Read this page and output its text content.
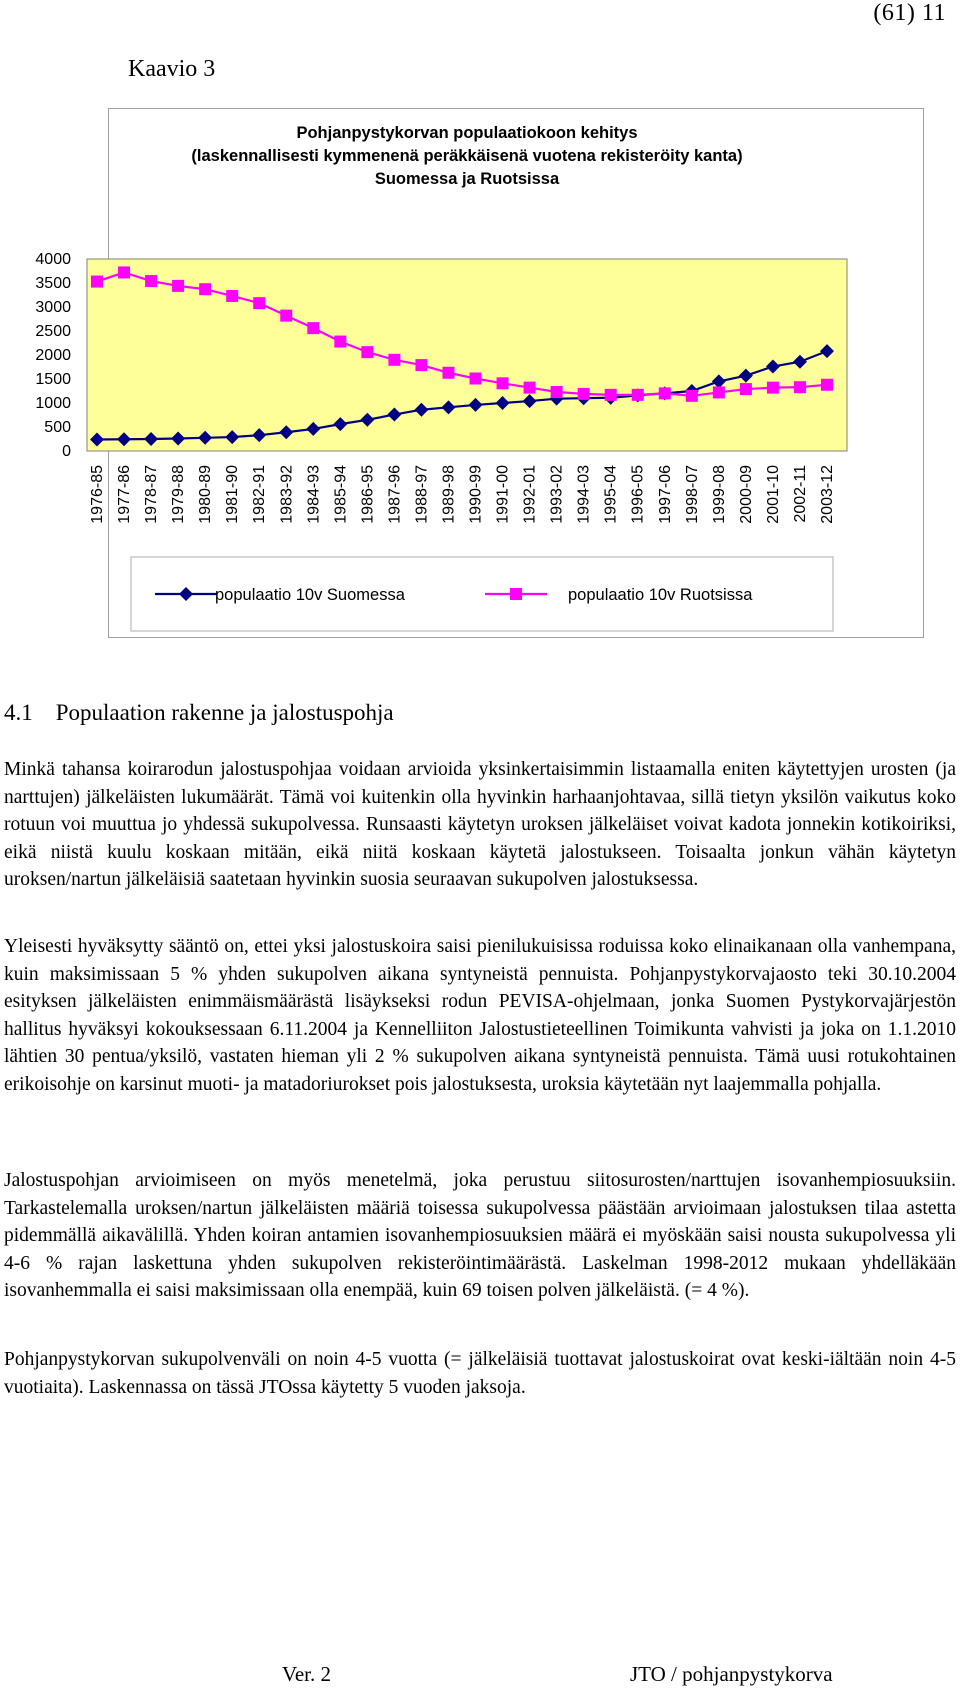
(61) 11
Kaavio 3
Pohjanpystykorvan populaatiokoon kehitys
(laskennallisesti kymmenenä peräkkäisenä vuotena rekisteröity kanta)
Suomessa ja Ruotsissa
4000
3500
3000
2500
2000
1500
1000
500
0
1976-85 1977-86 1978-87 1979-88 1980-89 1981-90 1982-91 1983-92 1984-93 1985-94 1986-95 1987-96 1988-97 1989-98 1990-99 1991-00 1992-01 1993-02 1994-03 1995-04 1996-05 1997-06 1998-07 1999-08 2000-09 2001-10 2002-11 2003-12
populaatio 10v Suomessa	populaatio 10v Ruotsissa
4.1    Populaation rakenne ja jalostuspohja

Minkä tahansa koirarodun jalostuspohjaa voidaan arvioida yksinkertaisimmin listaamalla eniten käytettyjen urosten (ja narttujen) jälkeläisten lukumäärät. Tämä voi kuitenkin olla hyvinkin harhaanjohtavaa, sillä tietyn yksilön vaikutus koko rotuun voi muuttua jo yhdessä sukupolvessa. Runsaasti käytetyn uroksen jälkeläiset voivat kadota jonnekin kotikoiriksi, eikä niistä kuulu koskaan mitään, eikä niitä koskaan käytetä jalostukseen. Toisaalta jonkun vähän käytetyn uroksen/nartun jälkeläisiä saatetaan hyvinkin suosia seuraavan sukupolven jalostuksessa.

Yleisesti hyväksytty sääntö on, ettei yksi jalostuskoira saisi pienilukuisissa roduissa koko elinaikanaan olla vanhempana, kuin maksimissaan 5 % yhden sukupolven aikana syntyneistä pennuista. Pohjanpystykorvajaosto teki 30.10.2004 esityksen jälkeläisten enimmäismäärästä lisäykseksi rodun PEVISA-ohjelmaan, jonka Suomen Pystykorvajärjestön hallitus hyväksyi kokouksessaan 6.11.2004 ja Kennelliiton Jalostustieteellinen Toimikunta vahvisti ja joka on 1.1.2010 lähtien 30 pentua/yksilö, vastaten hieman yli 2 % sukupolven aikana syntyneistä pennuista. Tämä uusi rotukohtainen erikoisohje on karsinut muoti- ja matadoriurokset pois jalostuksesta, uroksia käytetään nyt laajemmalla pohjalla.

Jalostuspohjan arvioimiseen on myös menetelmä, joka perustuu siitosurosten/narttujen isovanhempiosuuksiin. Tarkastelemalla uroksen/nartun jälkeläisten määriä toisessa sukupolvessa päästään arvioimaan jalostuksen tilaa astetta pidemmällä aikavälillä. Yhden koiran antamien isovanhempiosuuksien määrä ei myöskään saisi nousta sukupolvessa yli 4-6 % rajan laskettuna yhden sukupolven rekisteröintimäärästä. Laskelman 1998-2012 mukaan yhdelläkään isovanhemmalla ei saisi maksimissaan olla enempää, kuin 69 toisen polven jälkeläistä. (= 4 %).

Pohjanpystykorvan sukupolvenväli on noin 4-5 vuotta (= jälkeläisiä tuottavat jalostuskoirat ovat keski-iältään noin 4-5 vuotiaita). Laskennassa on tässä JTOssa käytetty 5 vuoden jaksoja.

Ver. 2	JTO / pohjanpystykorva
